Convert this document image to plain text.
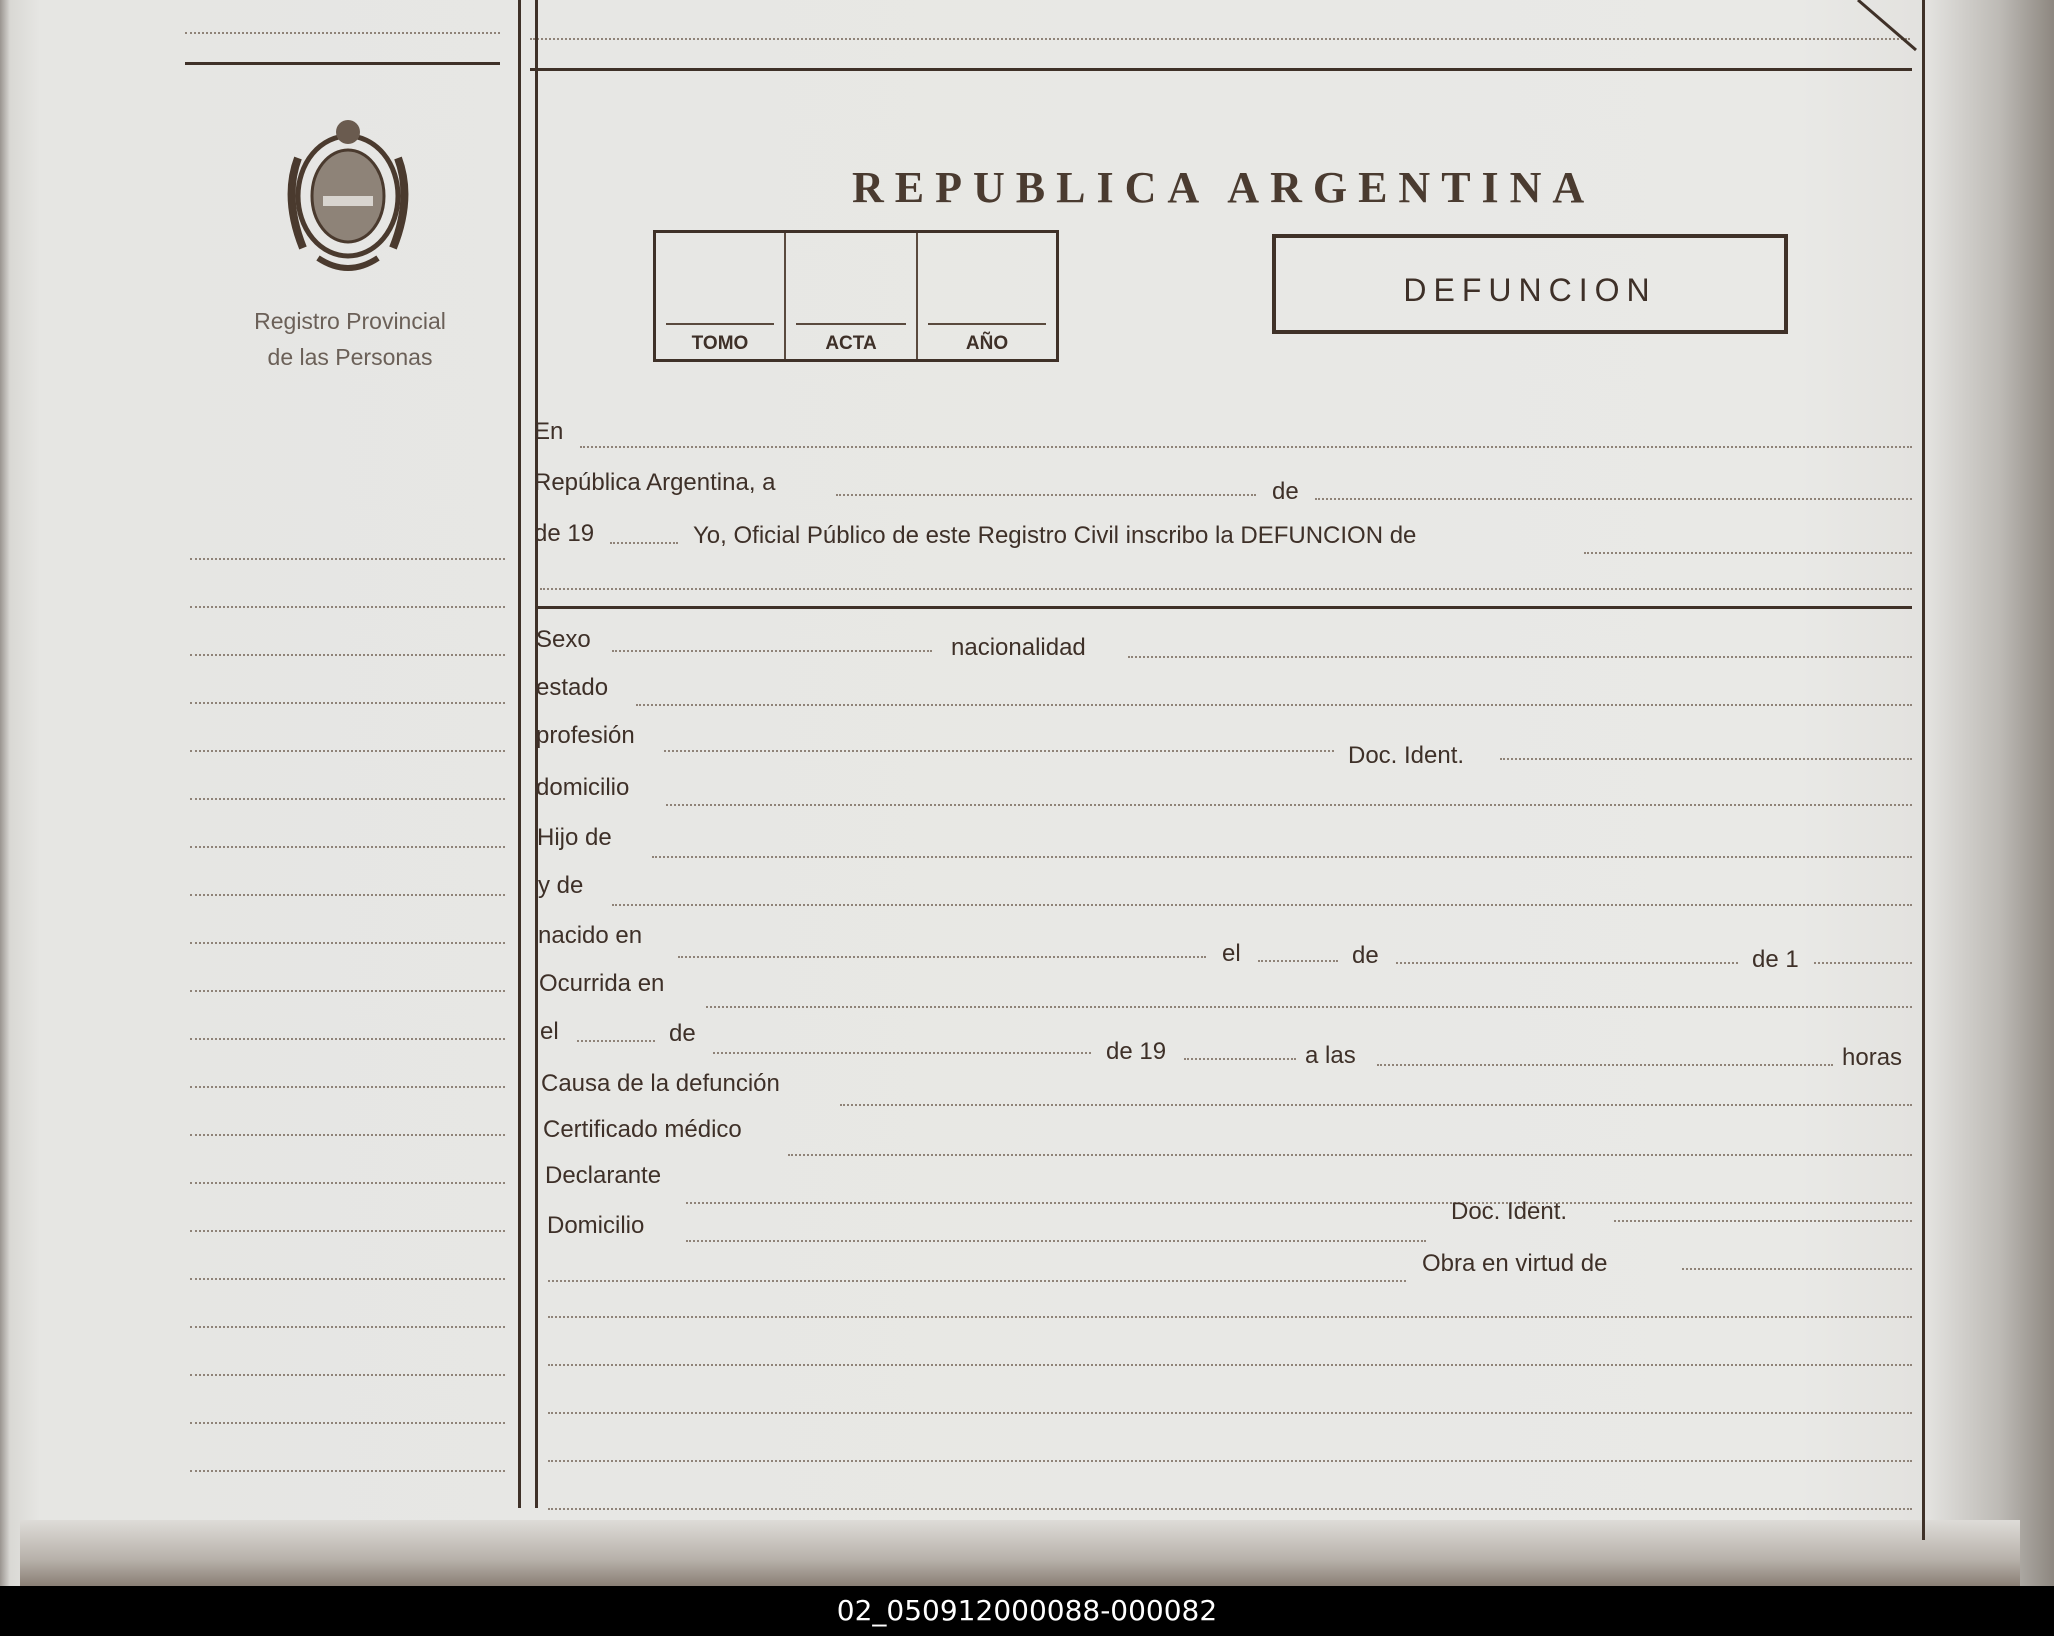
Registro Provincial
de las Personas
REPUBLICA ARGENTINA
TOMO	ACTA	AÑO
DEFUNCION
En
República Argentina, a	de
de 19	Yo, Oficial Público de este Registro Civil inscribo la DEFUNCION de
Sexo	nacionalidad
estado
profesión
Doc. Ident.
domicilio
Hijo de
y de
nacido en
el	de	de 1
Ocurrida en
el	de
de 19	a las	horas
Causa de la defunción
Certificado médico
Declarante
Domicilio
Doc. Ident.
Obra en virtud de
02_050912000088-000082
